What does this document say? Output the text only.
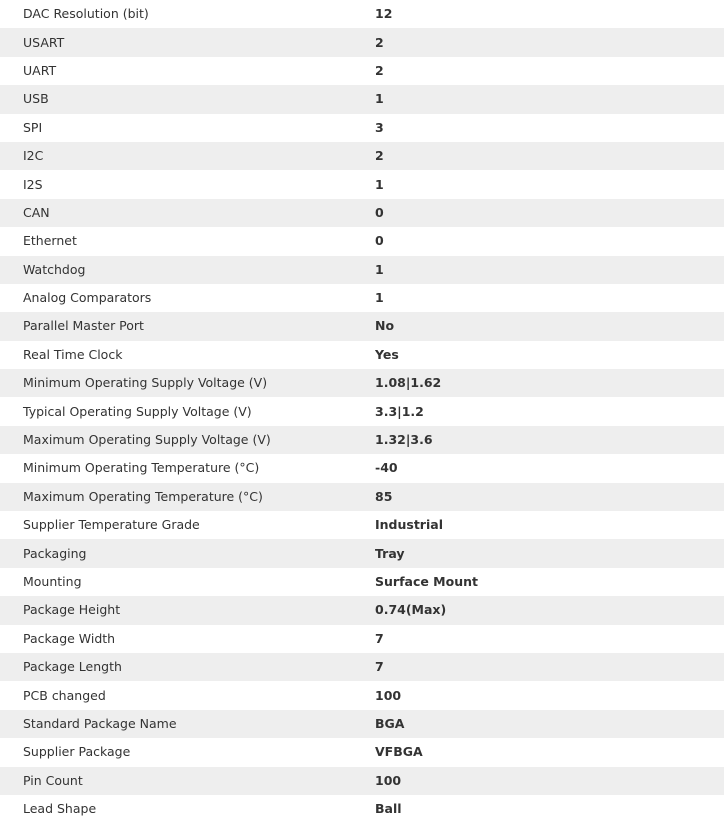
DAC Resolution (bit)	12
USART	2
UART	2
USB	1
SPI	3
I2C	2
I2S	1
CAN	0
Ethernet	0
Watchdog	1
Analog Comparators	1
Parallel Master Port	No
Real Time Clock	Yes
Minimum Operating Supply Voltage (V)	1.08|1.62
Typical Operating Supply Voltage (V)	3.3|1.2
Maximum Operating Supply Voltage (V)	1.32|3.6
Minimum Operating Temperature (°C)	-40
Maximum Operating Temperature (°C)	85
Supplier Temperature Grade	Industrial
Packaging	Tray
Mounting	Surface Mount
Package Height	0.74(Max)
Package Width	7
Package Length	7
PCB changed	100
Standard Package Name	BGA
Supplier Package	VFBGA
Pin Count	100
Lead Shape	Ball
